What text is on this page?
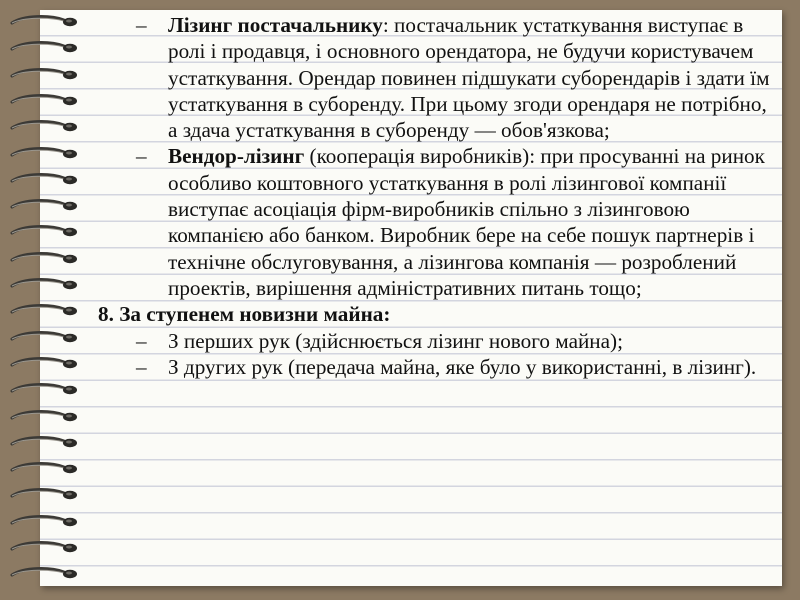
– Лізинг постачальнику: постачальник устаткування виступає в ролі і продавця, і основного орендатора, не будучи користувачем устаткування. Орендар повинен підшукати суборендарів і здати їм устаткування в суборенду. При цьому згоди орендаря не потрібно, а здача устаткування в суборенду — обов'язкова;

– Вендор-лізинг (кооперація виробників): при просуванні на ринок особливо коштовного устаткування в ролі лізингової компанії виступає асоціація фірм-виробників спільно з лізинговою компанією або банком. Виробник бере на себе пошук партнерів і технічне обслуговування, а лізингова компанія — розроблений проектів, вирішення адміністративних питань тощо;

8. За ступенем новизни майна:

– З перших рук (здійснюється лізинг нового майна);

– З других рук (передача майна, яке було у використанні, в лізинг).
